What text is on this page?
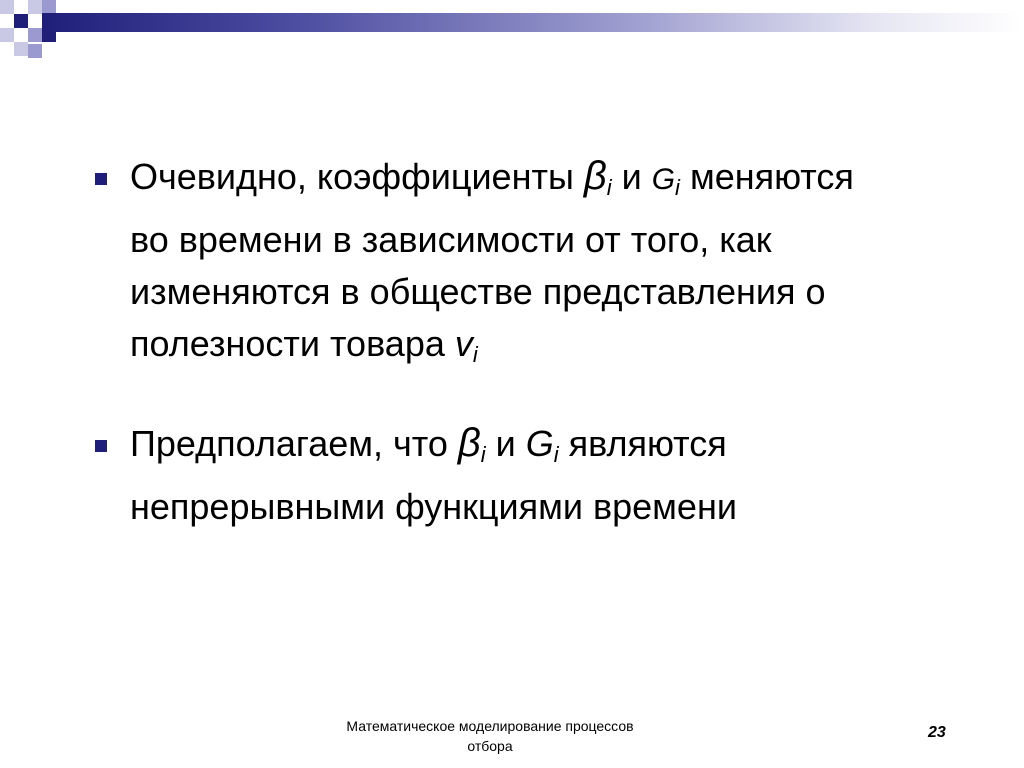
Очевидно, коэффициенты $\beta_i$ и $G_i$ меняются во времени в зависимости от того, как изменяются в обществе представления о полезности товара $v_i$
Предполагаем, что $\beta_i$ и $G_i$ являются непрерывными функциями времени
Математическое моделирование процессов
отбора
23
